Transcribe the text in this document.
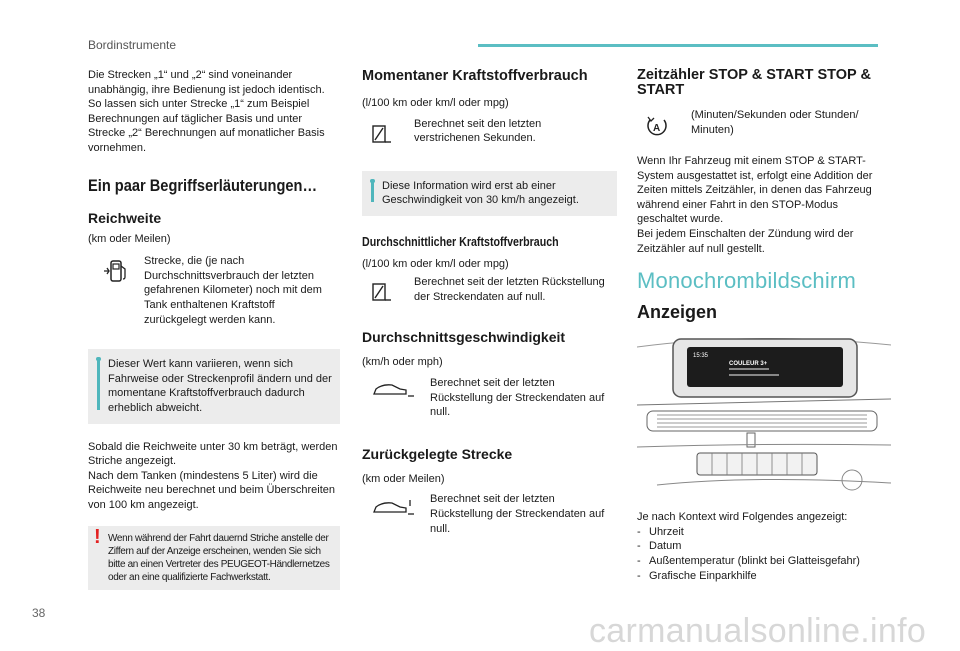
Bordinstrumente

Die Strecken „1“ und „2“ sind voneinander unabhängig, ihre Bedienung ist jedoch identisch. So lassen sich unter Strecke „1“ zum Beispiel Berechnungen auf täglicher Basis und unter Strecke „2“ Berechnungen auf monatlicher Basis vornehmen.

Ein paar Begriffserläuterungen…
Reichweite

(km oder Meilen)

Strecke, die (je nach Durchschnittsverbrauch der letzten gefahrenen Kilometer) noch mit dem Tank enthaltenen Kraftstoff zurückgelegt werden kann.

Dieser Wert kann variieren, wenn sich Fahrweise oder Streckenprofil ändern und der momentane Kraftstoffverbrauch dadurch erheblich abweicht.

Sobald die Reichweite unter 30 km beträgt, werden Striche angezeigt.
Nach dem Tanken (mindestens 5 Liter) wird die Reichweite neu berechnet und beim Überschreiten von 100 km angezeigt.

! Wenn während der Fahrt dauernd Striche anstelle der Ziffern auf der Anzeige erscheinen, wenden Sie sich bitte an einen Vertreter des PEUGEOT-Händlernetzes oder an eine qualifizierte Fachwerkstatt.
Momentaner Kraftstoffverbrauch

(l/100 km oder km/l oder mpg)

Berechnet seit den letzten verstrichenen Sekunden.

Diese Information wird erst ab einer Geschwindigkeit von 30 km/h angezeigt.
Durchschnittlicher Kraftstoffverbrauch

(l/100 km oder km/l oder mpg)

Berechnet seit der letzten Rückstellung der Streckendaten auf null.

Durchschnittsgeschwindigkeit

(km/h oder mph)

Berechnet seit der letzten Rückstellung der Streckendaten auf null.

Zurückgelegte Strecke

(km oder Meilen)

Berechnet seit der letzten Rückstellung der Streckendaten auf null.

Zeitzähler STOP & START STOP & START
A

(Minuten/Sekunden oder Stunden/ Minuten)

Wenn Ihr Fahrzeug mit einem STOP & START-System ausgestattet ist, erfolgt eine Addition der Zeiten mittels Zeitzähler, in denen das Fahrzeug während einer Fahrt in den STOP-Modus geschaltet wurde.
Bei jedem Einschalten der Zündung wird der Zeitzähler auf null gestellt.

Monochrombildschirm
Anzeigen
15:35
COULEUR 3+

Je nach Kontext wird Folgendes angezeigt:

- Uhrzeit
- Datum
- Außentemperatur (blinkt bei Glatteisgefahr)
- Grafische Einparkhilfe
38	carmanualsonline.info
